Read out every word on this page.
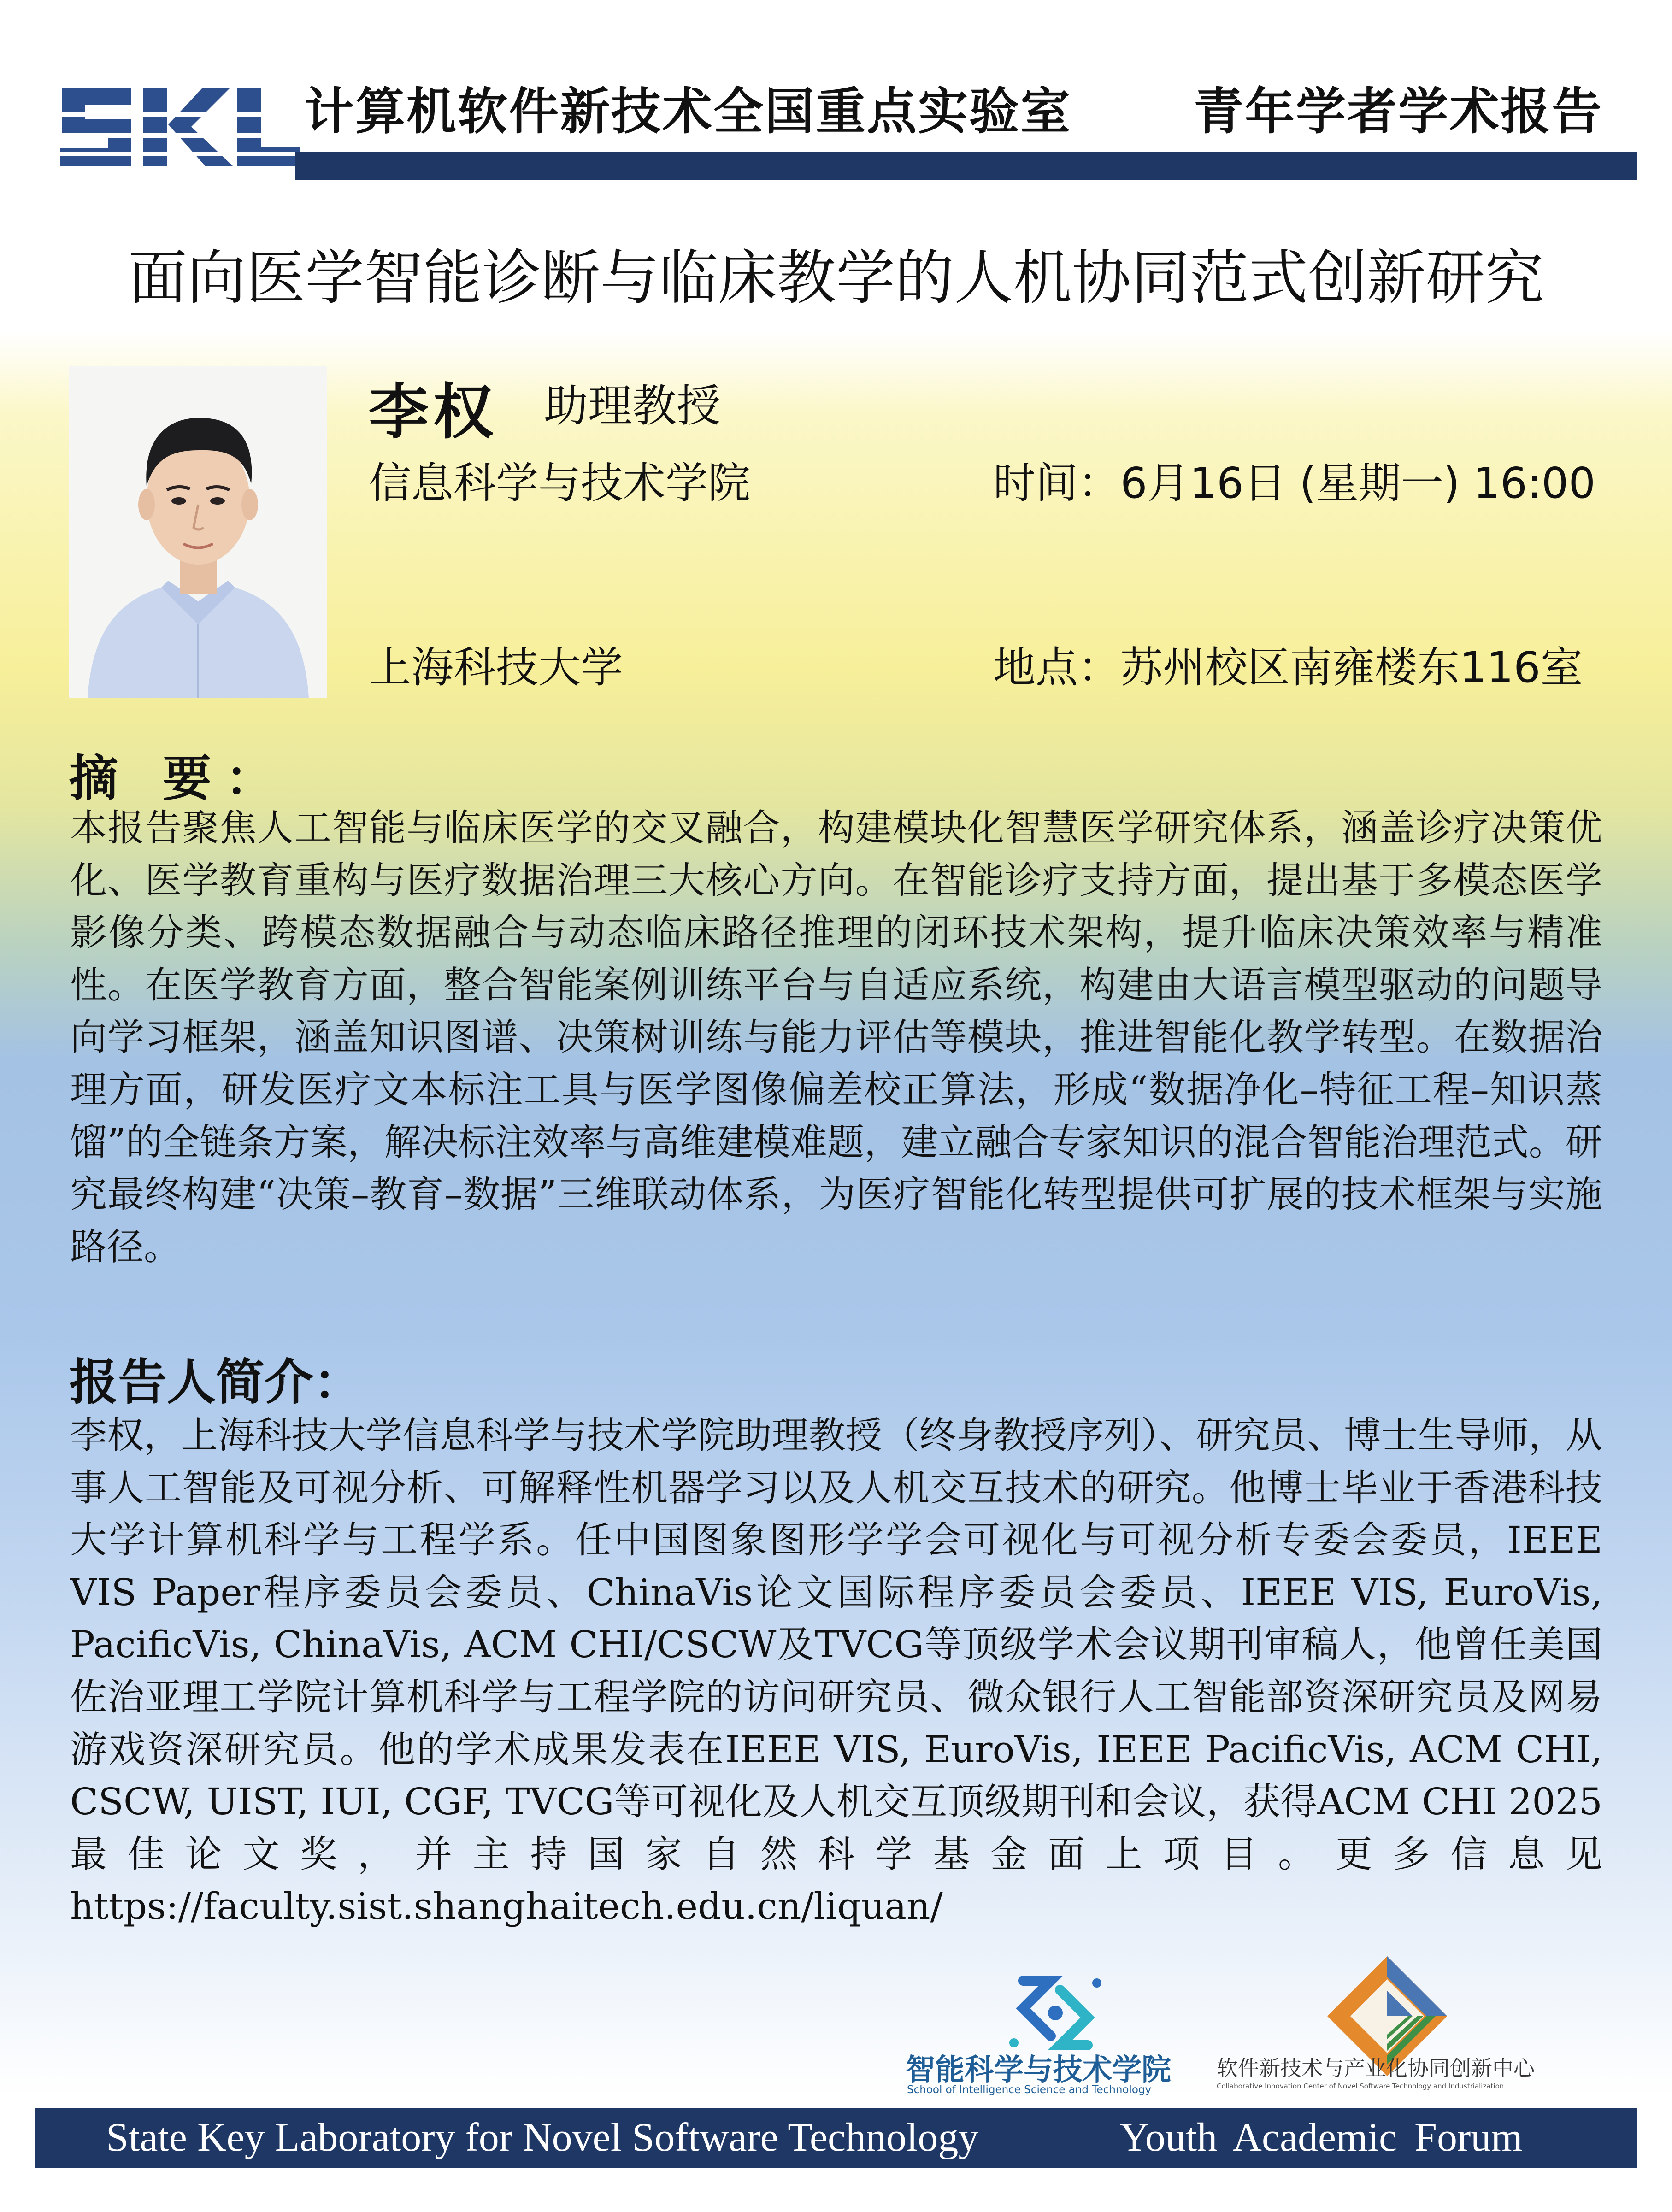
计算机软件新技术全国重点实验室 青年学者学术报告
面向医学智能诊断与临床教学的人机协同范式创新研究
李权 助理教授
信息科学与技术学院
上海科技大学
时间：6月16日 (星期一) 16:00
地点：苏州校区南雍楼东116室
摘 要：
本报告聚焦人工智能与临床医学的交叉融合，构建模块化智慧医学研究体系，涵盖诊疗决策优化、医学教育重构与医疗数据治理三大核心方向。在智能诊疗支持方面，提出基于多模态医学影像分类、跨模态数据融合与动态临床路径推理的闭环技术架构，提升临床决策效率与精准性。在医学教育方面，整合智能案例训练平台与自适应系统，构建由大语言模型驱动的问题导向学习框架，涵盖知识图谱、决策树训练与能力评估等模块，推进智能化教学转型。在数据治理方面，研发医疗文本标注工具与医学图像偏差校正算法，形成“数据净化–特征工程–知识蒸馏”的全链条方案，解决标注效率与高维建模难题，建立融合专家知识的混合智能治理范式。研究最终构建“决策–教育–数据”三维联动体系，为医疗智能化转型提供可扩展的技术框架与实施路径。
报告人简介：
李权，上海科技大学信息科学与技术学院助理教授（终身教授序列）、研究员、博士生导师，从事人工智能及可视分析、可解释性机器学习以及人机交互技术的研究。他博士毕业于香港科技大学计算机科学与工程学系。任中国图象图形学学会可视化与可视分析专委会委员，IEEE VIS Paper程序委员会委员、ChinaVis论文国际程序委员会委员、IEEE VIS, EuroVis, PacificVis, ChinaVis, ACM CHI/CSCW及TVCG等顶级学术会议期刊审稿人，他曾任美国佐治亚理工学院计算机科学与工程学院的访问研究员、微众银行人工智能部资深研究员及网易游戏资深研究员。他的学术成果发表在IEEE VIS, EuroVis, IEEE PacificVis, ACM CHI, CSCW, UIST, IUI, CGF, TVCG等可视化及人机交互顶级期刊和会议，获得ACM CHI 2025最佳论文奖，并主持国家自然科学基金面上项目。更多信息见https://faculty.sist.shanghaitech.edu.cn/liquan/
智能科学与技术学院
School of Intelligence Science and Technology
软件新技术与产业化协同创新中心
Collaborative Innovation Center of Novel Software Technology and Industrialization
State Key Laboratory for Novel Software Technology	Youth Academic Forum
